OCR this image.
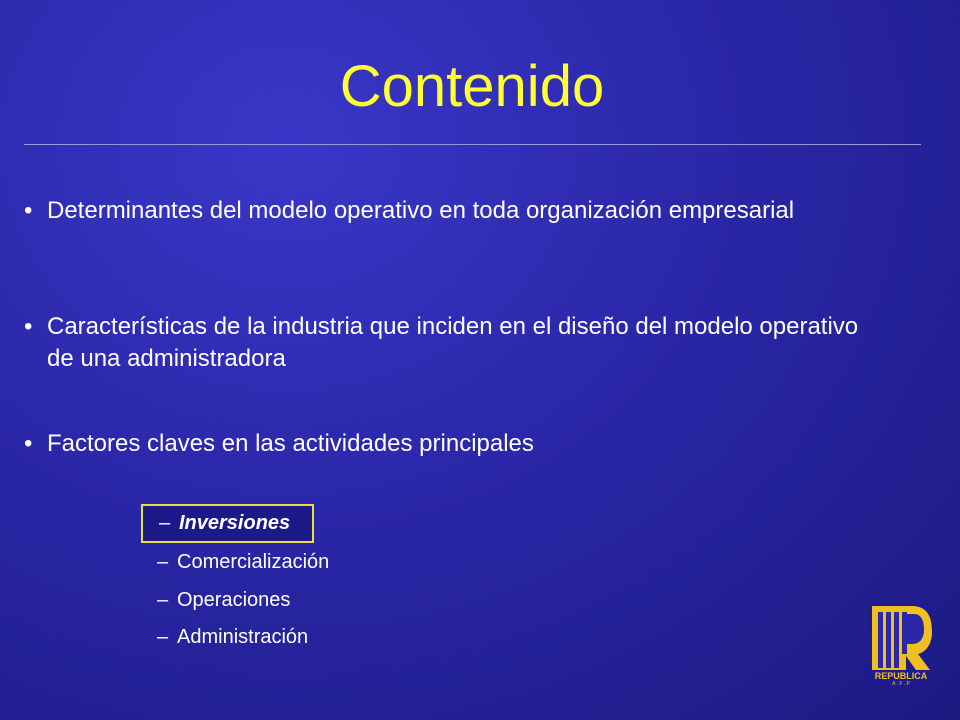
Contenido
• Determinantes del modelo operativo en toda organización empresarial
• Características de la industria que inciden en el diseño del modelo operativo de una administradora
• Factores claves en las actividades principales
– Inversiones
– Comercialización
– Operaciones
– Administración
REPUBLICA
A . F . P
